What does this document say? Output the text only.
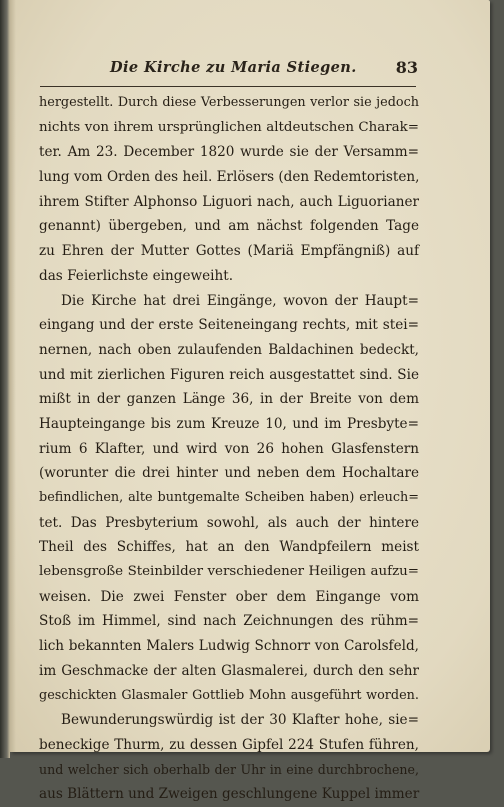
Die Kirche zu Maria Stiegen. 83
hergestellt. Durch diese Verbesserungen verlor sie jedoch
nichts von ihrem ursprünglichen altdeutschen Charak=
ter. Am 23. December 1820 wurde sie der Versamm=
lung vom Orden des heil. Erlösers (den Redemtoristen,
ihrem Stifter Alphonso Liguori nach, auch Liguorianer
genannt) übergeben, und am nächst folgenden Tage
zu Ehren der Mutter Gottes (Mariä Empfängniß) auf
das Feierlichste eingeweiht.
Die Kirche hat drei Eingänge, wovon der Haupt=
eingang und der erste Seiteneingang rechts, mit stei=
nernen, nach oben zulaufenden Baldachinen bedeckt,
und mit zierlichen Figuren reich ausgestattet sind. Sie
mißt in der ganzen Länge 36, in der Breite von dem
Haupteingange bis zum Kreuze 10, und im Presbyte=
rium 6 Klafter, und wird von 26 hohen Glasfenstern
(worunter die drei hinter und neben dem Hochaltare
befindlichen, alte buntgemalte Scheiben haben) erleuch=
tet. Das Presbyterium sowohl, als auch der hintere
Theil des Schiffes, hat an den Wandpfeilern meist
lebensgroße Steinbilder verschiedener Heiligen aufzu=
weisen. Die zwei Fenster ober dem Eingange vom
Stoß im Himmel, sind nach Zeichnungen des rühm=
lich bekannten Malers Ludwig Schnorr von Carolsfeld,
im Geschmacke der alten Glasmalerei, durch den sehr
geschickten Glasmaler Gottlieb Mohn ausgeführt worden.
Bewunderungswürdig ist der 30 Klafter hohe, sie=
beneckige Thurm, zu dessen Gipfel 224 Stufen führen,
und welcher sich oberhalb der Uhr in eine durchbrochene,
aus Blättern und Zweigen geschlungene Kuppel immer
